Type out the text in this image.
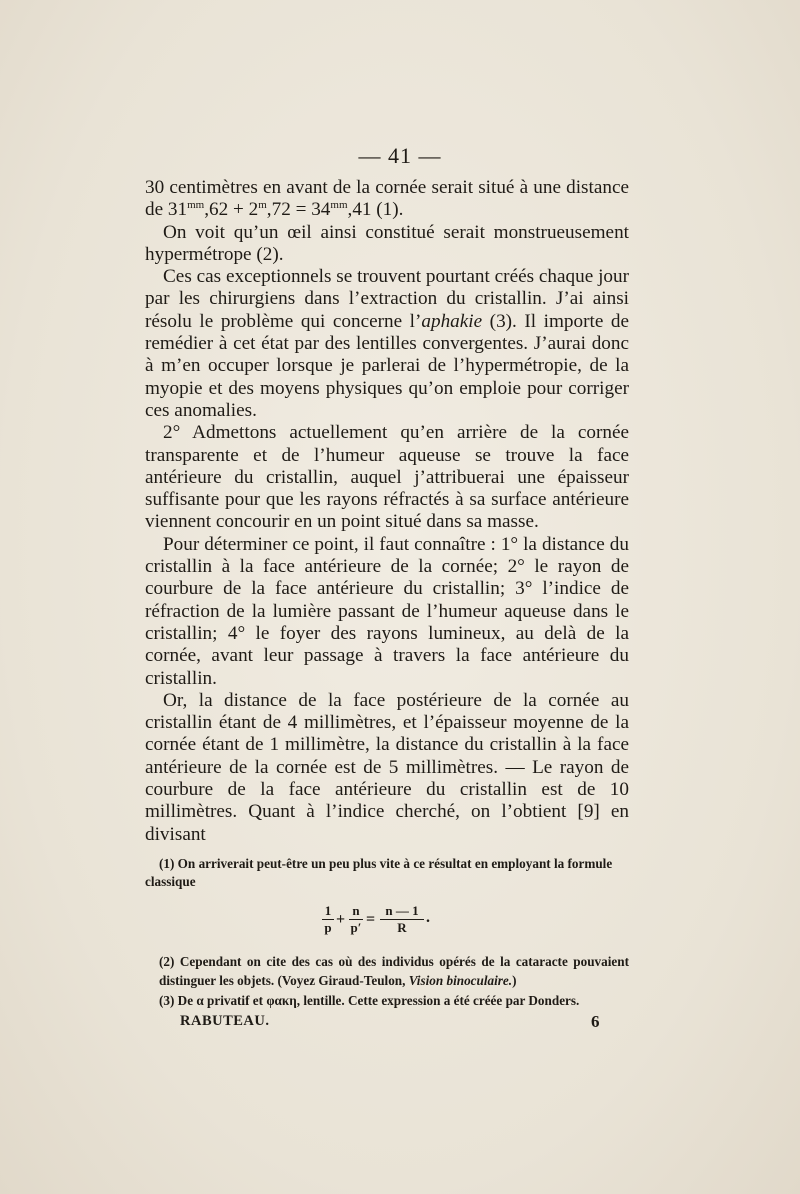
— 41 —

30 centimètres en avant de la cornée serait situé à une distance de $31^{mm},62 + 2^m,72 = 34^{mm},41$ (1).

On voit qu’un œil ainsi constitué serait monstrueusement hypermétrope (2).

Ces cas exceptionnels se trouvent pourtant créés chaque jour par les chirurgiens dans l’extraction du cristallin. J’ai ainsi résolu le problème qui concerne l’aphakie (3). Il importe de remédier à cet état par des lentilles convergentes. J’aurai donc à m’en occuper lorsque je parlerai de l’hypermétropie, de la myopie et des moyens physiques qu’on emploie pour corriger ces anomalies.

2° Admettons actuellement qu’en arrière de la cornée transparente et de l’humeur aqueuse se trouve la face antérieure du cristallin, auquel j’attribuerai une épaisseur suffisante pour que les rayons réfractés à sa surface antérieure viennent concourir en un point situé dans sa masse.

Pour déterminer ce point, il faut connaître : 1° la distance du cristallin à la face antérieure de la cornée; 2° le rayon de courbure de la face antérieure du cristallin; 3° l’indice de réfraction de la lumière passant de l’humeur aqueuse dans le cristallin; 4° le foyer des rayons lumineux, au delà de la cornée, avant leur passage à travers la face antérieure du cristallin.

Or, la distance de la face postérieure de la cornée au cristallin étant de 4 millimètres, et l’épaisseur moyenne de la cornée étant de 1 millimètre, la distance du cristallin à la face antérieure de la cornée est de 5 millimètres. — Le rayon de courbure de la face antérieure du cristallin est de 10 millimètres. Quant à l’indice cherché, on l’obtient [9] en divisant

(1) On arriverait peut-être un peu plus vite à ce résultat en employant la formule

classique

$\frac{1}{p} + \frac{n}{p'} = \frac{n — 1}{R}$ .
(2) Cependant on cite des cas où des individus opérés de la cataracte pouvaient distinguer les objets. (Voyez Giraud-Teulon, Vision binoculaire.)
(3) De α privatif et φακη, lentille. Cette expression a été créée par Donders.
RABUTEAU.	6
